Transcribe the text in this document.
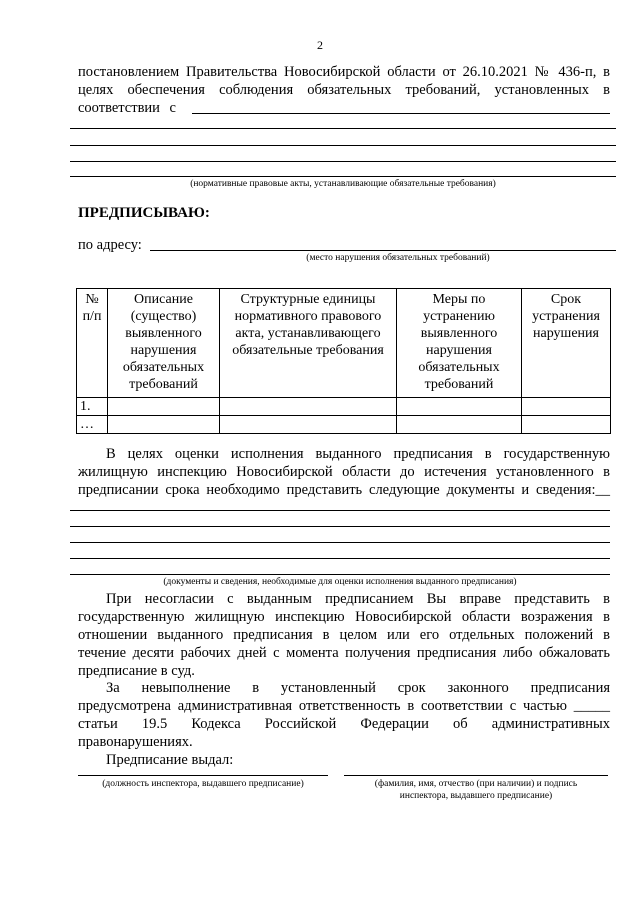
2
постановлением Правительства Новосибирской области от 26.10.2021 № 436-п, в
целях обеспечения соблюдения обязательных требований, установленных в
соответствии с
(нормативные правовые акты, устанавливающие обязательные требования)
ПРЕДПИСЫВАЮ:
по адресу:
(место нарушения обязательных требований)
№ п/п	Описание (существо) выявленного нарушения обязательных требований	Структурные единицы нормативного правового акта, устанавливающего обязательные требования	Меры по устранению выявленного нарушения обязательных требований	Срок устранения нарушения
1.				
…				
В целях оценки исполнения выданного предписания в государственную
жилищную инспекцию Новосибирской области до истечения установленного в
предписании срока необходимо представить следующие документы и сведения:__
(документы и сведения, необходимые для оценки исполнения выданного предписания)
При несогласии с выданным предписанием Вы вправе представить в
государственную жилищную инспекцию Новосибирской области возражения в
отношении выданного предписания в целом или его отдельных положений в
течение десяти рабочих дней с момента получения предписания либо обжаловать
предписание в суд.
За невыполнение в установленный срок законного предписания
предусмотрена административная ответственность в соответствии с частью _____
статьи 19.5 Кодекса Российской Федерации об административных
правонарушениях.
Предписание выдал:
(должность инспектора, выдавшего предписание)	(фамилия, имя, отчество (при наличии) и подпись
инспектора, выдавшего предписание)
